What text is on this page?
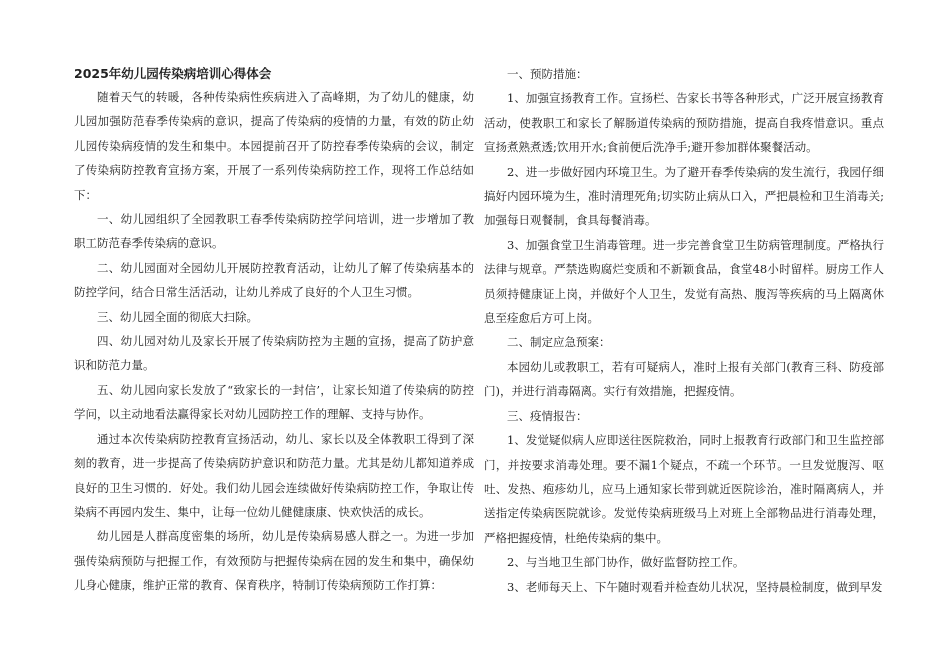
2025年幼儿园传染病培训心得体会

随着天气的转暖，各种传染病性疾病进入了高峰期，为了幼儿的健康，幼儿园加强防范春季传染病的意识，提高了传染病的疫情的力量，有效的防止幼儿园传染病疫情的发生和集中。本园提前召开了防控春季传染病的会议，制定了传染病防控教育宣扬方案，开展了一系列传染病防控工作，现将工作总结如下：

一、幼儿园组织了全园教职工春季传染病防控学问培训，进一步增加了教职工防范春季传染病的意识。

二、幼儿园面对全园幼儿开展防控教育活动，让幼儿了解了传染病基本的防控学问，结合日常生活活动，让幼儿养成了良好的个人卫生习惯。

三、幼儿园全面的彻底大扫除。

四、幼儿园对幼儿及家长开展了传染病防控为主题的宣扬，提高了防护意识和防范力量。

五、幼儿园向家长发放了“致家长的一封信’，让家长知道了传染病的防控学问，以主动地看法赢得家长对幼儿园防控工作的理解、支持与协作。

通过本次传染病防控教育宣扬活动，幼儿、家长以及全体教职工得到了深刻的教育，进一步提高了传染病防护意识和防范力量。尤其是幼儿都知道养成良好的卫生习惯的．好处。我们幼儿园会连续做好传染病防控工作，争取让传染病不再园内发生、集中，让每一位幼儿健健康康、快欢快活的成长。

幼儿园是人群高度密集的场所，幼儿是传染病易感人群之一。为进一步加强传染病预防与把握工作，有效预防与把握传染病在园的发生和集中，确保幼儿身心健康，维护正常的教育、保育秩序，特制订传染病预防工作打算：

一、预防措施：

1、加强宣扬教育工作。宣扬栏、告家长书等各种形式，广泛开展宣扬教育活动，使教职工和家长了解肠道传染病的预防措施，提高自我疼惜意识。重点宣扬煮熟煮透;饮用开水;食前便后洗净手;避开参加群体聚餐活动。

2、进一步做好园内环境卫生。为了避开春季传染病的发生流行，我园仔细搞好内园环境为生，准时清理死角;切实防止病从口入，严把晨检和卫生消毒关;加强每日观餐制，食具每餐消毒。

3、加强食堂卫生消毒管理。进一步完善食堂卫生防病管理制度。严格执行法律与规章。严禁选购腐烂变质和不新颖食品，食堂48小时留样。厨房工作人员须持健康证上岗，并做好个人卫生，发觉有高热、腹泻等疾病的马上隔离休息至痊愈后方可上岗。

二、制定应急预案：

本园幼儿或教职工，若有可疑病人，准时上报有关部门(教育三科、防疫部门)，并进行消毒隔离。实行有效措施，把握疫情。

三、疫情报告：

1、发觉疑似病人应即送往医院救治，同时上报教育行政部门和卫生监控部门，并按要求消毒处理。要不漏1个疑点，不疏一个环节。一旦发觉腹泻、呕吐、发热、疱疹幼儿，应马上通知家长带到就近医院诊治，准时隔离病人，并送指定传染病医院就诊。发觉传染病班级马上对班上全部物品进行消毒处理，严格把握疫情，杜绝传染病的集中。

2、与当地卫生部门协作，做好监督防控工作。

3、老师每天上、下午随时观看并检查幼儿状况，坚持晨检制度，做到早发
